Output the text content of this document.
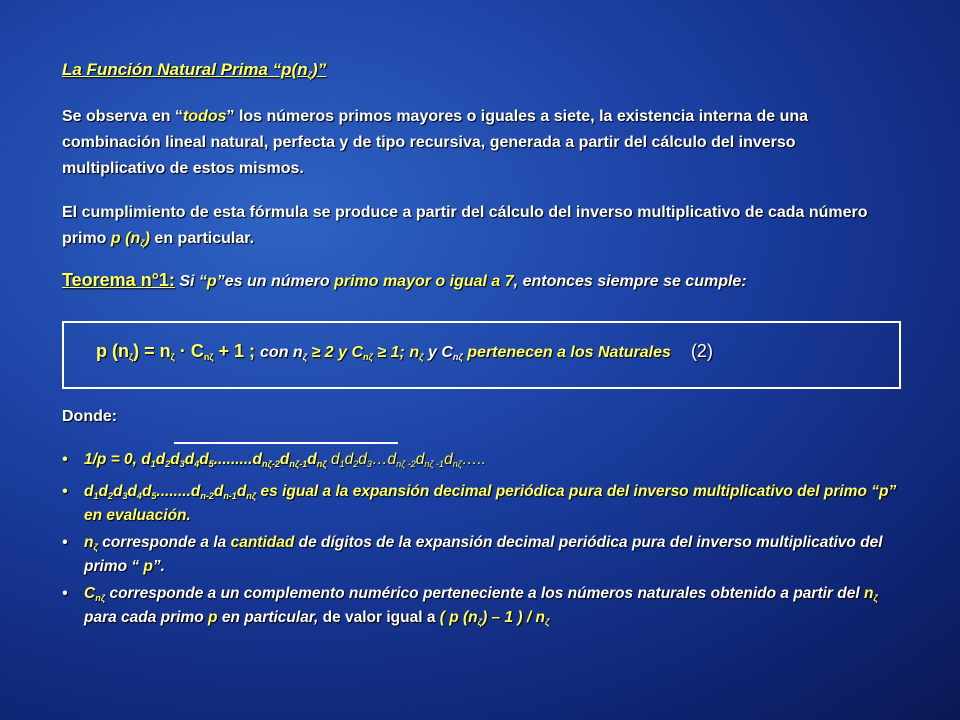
La Función Natural Prima “$p(n_\zeta)$”
Se observa en “todos” los números primos mayores o iguales a siete, la existencia interna de una combinación lineal natural, perfecta y de tipo recursiva, generada a partir del cálculo del inverso multiplicativo de estos mismos.
El cumplimiento de esta fórmula se produce a partir del cálculo del inverso multiplicativo de cada número primo p $(n_\zeta)$ en particular.
Teorema n°1: Si “p”es un número primo mayor o igual a 7, entonces siempre se cumple:
p $(n_\zeta) = n_\zeta \cdot C_{n\zeta} + 1$ ; con $n_\zeta \ge 2$ y $C_{n\zeta} \ge 1$; $n_\zeta$ y $C_{n\zeta}$ pertenecen a los Naturales (2)
Donde:
• 1/p = 0, $d_1d_2d_3d_4d_5.........d_{n\zeta-2}d_{n\zeta-1}d_{n\zeta}$ $d_1d_2d_3\dots d_{n\zeta -2}d_{n\zeta -1}d_{n\zeta}\dots$..
• $d_1d_2d_3d_4d_5........d_{n-2}d_{n-1}d_{n\zeta}$ es igual a la expansión decimal periódica pura del inverso multiplicativo del primo “p” en evaluación.
• $n_\zeta$ corresponde a la cantidad de dígitos de la expansión decimal periódica pura del inverso multiplicativo del primo “ p”.
• $C_{n\zeta}$ corresponde a un complemento numérico perteneciente a los números naturales obtenido a partir del $n_\zeta$ para cada primo p en particular, de valor igual a ( p $(n_\zeta) - 1$ ) / $n_\zeta$
